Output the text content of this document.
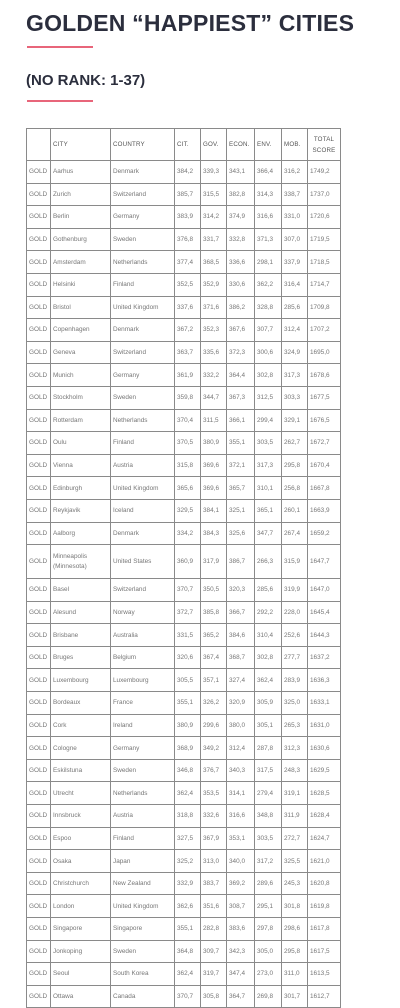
GOLDEN “HAPPIEST” CITIES
(NO RANK: 1-37)
	CITY	COUNTRY	CIT.	GOV.	ECON.	ENV.	MOB.	TOTAL SCORE
GOLD	Aarhus	Denmark	384,2	339,3	343,1	366,4	316,2	1749,2
GOLD	Zurich	Switzerland	385,7	315,5	382,8	314,3	338,7	1737,0
GOLD	Berlin	Germany	383,9	314,2	374,9	316,6	331,0	1720,6
GOLD	Gothenburg	Sweden	376,8	331,7	332,8	371,3	307,0	1719,5
GOLD	Amsterdam	Netherlands	377,4	368,5	336,6	298,1	337,9	1718,5
GOLD	Helsinki	Finland	352,5	352,9	330,6	362,2	316,4	1714,7
GOLD	Bristol	United Kingdom	337,6	371,6	386,2	328,8	285,6	1709,8
GOLD	Copenhagen	Denmark	367,2	352,3	367,6	307,7	312,4	1707,2
GOLD	Geneva	Switzerland	363,7	335,6	372,3	300,6	324,9	1695,0
GOLD	Munich	Germany	361,9	332,2	364,4	302,8	317,3	1678,6
GOLD	Stockholm	Sweden	359,8	344,7	367,3	312,5	303,3	1677,5
GOLD	Rotterdam	Netherlands	370,4	311,5	366,1	299,4	329,1	1676,5
GOLD	Oulu	Finland	370,5	380,9	355,1	303,5	262,7	1672,7
GOLD	Vienna	Austria	315,8	369,6	372,1	317,3	295,8	1670,4
GOLD	Edinburgh	United Kingdom	365,6	369,6	365,7	310,1	256,8	1667,8
GOLD	Reykjavik	Iceland	329,5	384,1	325,1	365,1	260,1	1663,9
GOLD	Aalborg	Denmark	334,2	384,3	325,6	347,7	267,4	1659,2
GOLD	Minneapolis (Minnesota)	United States	360,9	317,9	386,7	266,3	315,9	1647,7
GOLD	Basel	Switzerland	370,7	350,5	320,3	285,6	319,9	1647,0
GOLD	Alesund	Norway	372,7	385,8	366,7	292,2	228,0	1645,4
GOLD	Brisbane	Australia	331,5	365,2	384,6	310,4	252,6	1644,3
GOLD	Bruges	Belgium	320,6	367,4	368,7	302,8	277,7	1637,2
GOLD	Luxembourg	Luxembourg	305,5	357,1	327,4	362,4	283,9	1636,3
GOLD	Bordeaux	France	355,1	326,2	320,9	305,9	325,0	1633,1
GOLD	Cork	Ireland	380,9	299,6	380,0	305,1	265,3	1631,0
GOLD	Cologne	Germany	368,9	349,2	312,4	287,8	312,3	1630,6
GOLD	Eskilstuna	Sweden	346,8	376,7	340,3	317,5	248,3	1629,5
GOLD	Utrecht	Netherlands	362,4	353,5	314,1	279,4	319,1	1628,5
GOLD	Innsbruck	Austria	318,8	332,6	316,6	348,8	311,9	1628,4
GOLD	Espoo	Finland	327,5	367,9	353,1	303,5	272,7	1624,7
GOLD	Osaka	Japan	325,2	313,0	340,0	317,2	325,5	1621,0
GOLD	Christchurch	New Zealand	332,9	383,7	369,2	289,6	245,3	1620,8
GOLD	London	United Kingdom	362,6	351,6	308,7	295,1	301,8	1619,8
GOLD	Singapore	Singapore	355,1	282,8	383,6	297,8	298,6	1617,8
GOLD	Jonkoping	Sweden	364,8	309,7	342,3	305,0	295,8	1617,5
GOLD	Seoul	South Korea	362,4	319,7	347,4	273,0	311,0	1613,5
GOLD	Ottawa	Canada	370,7	305,8	364,7	269,8	301,7	1612,7
